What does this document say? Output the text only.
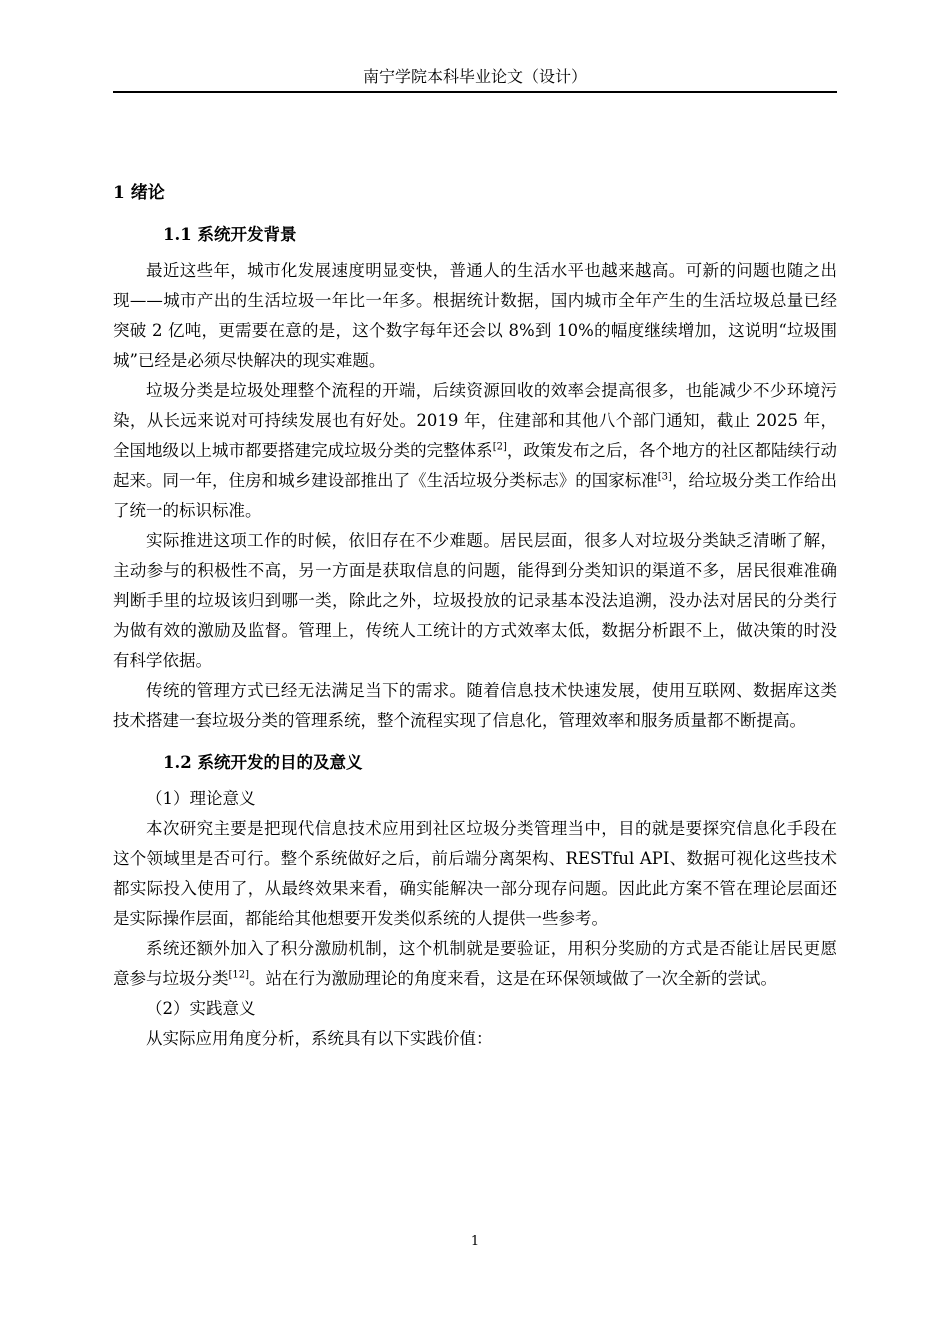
南宁学院本科毕业论文（设计）
1 绪论
1.1 系统开发背景

最近这些年，城市化发展速度明显变快，普通人的生活水平也越来越高。可新的问题也随之出现——城市产出的生活垃圾一年比一年多。根据统计数据，国内城市全年产生的生活垃圾总量已经突破 2 亿吨，更需要在意的是，这个数字每年还会以 8%到 10%的幅度继续增加，这说明“垃圾围城”已经是必须尽快解决的现实难题。

垃圾分类是垃圾处理整个流程的开端，后续资源回收的效率会提高很多，也能减少不少环境污染，从长远来说对可持续发展也有好处。2019 年，住建部和其他八个部门通知，截止 2025 年，全国地级以上城市都要搭建完成垃圾分类的完整体系[2]，政策发布之后，各个地方的社区都陆续行动起来。同一年，住房和城乡建设部推出了《生活垃圾分类标志》的国家标准[3]，给垃圾分类工作给出了统一的标识标准。

实际推进这项工作的时候，依旧存在不少难题。居民层面，很多人对垃圾分类缺乏清晰了解，主动参与的积极性不高，另一方面是获取信息的问题，能得到分类知识的渠道不多，居民很难准确判断手里的垃圾该归到哪一类，除此之外，垃圾投放的记录基本没法追溯，没办法对居民的分类行为做有效的激励及监督。管理上，传统人工统计的方式效率太低，数据分析跟不上，做决策的时没有科学依据。

传统的管理方式已经无法满足当下的需求。随着信息技术快速发展，使用互联网、数据库这类技术搭建一套垃圾分类的管理系统，整个流程实现了信息化，管理效率和服务质量都不断提高。

1.2 系统开发的目的及意义
（1）理论意义

本次研究主要是把现代信息技术应用到社区垃圾分类管理当中，目的就是要探究信息化手段在这个领域里是否可行。整个系统做好之后，前后端分离架构、RESTful API、数据可视化这些技术都实际投入使用了，从最终效果来看，确实能解决一部分现存问题。因此此方案不管在理论层面还是实际操作层面，都能给其他想要开发类似系统的人提供一些参考。

系统还额外加入了积分激励机制，这个机制就是要验证，用积分奖励的方式是否能让居民更愿意参与垃圾分类[12]。站在行为激励理论的角度来看，这是在环保领域做了一次全新的尝试。

（2）实践意义

从实际应用角度分析，系统具有以下实践价值：

1
